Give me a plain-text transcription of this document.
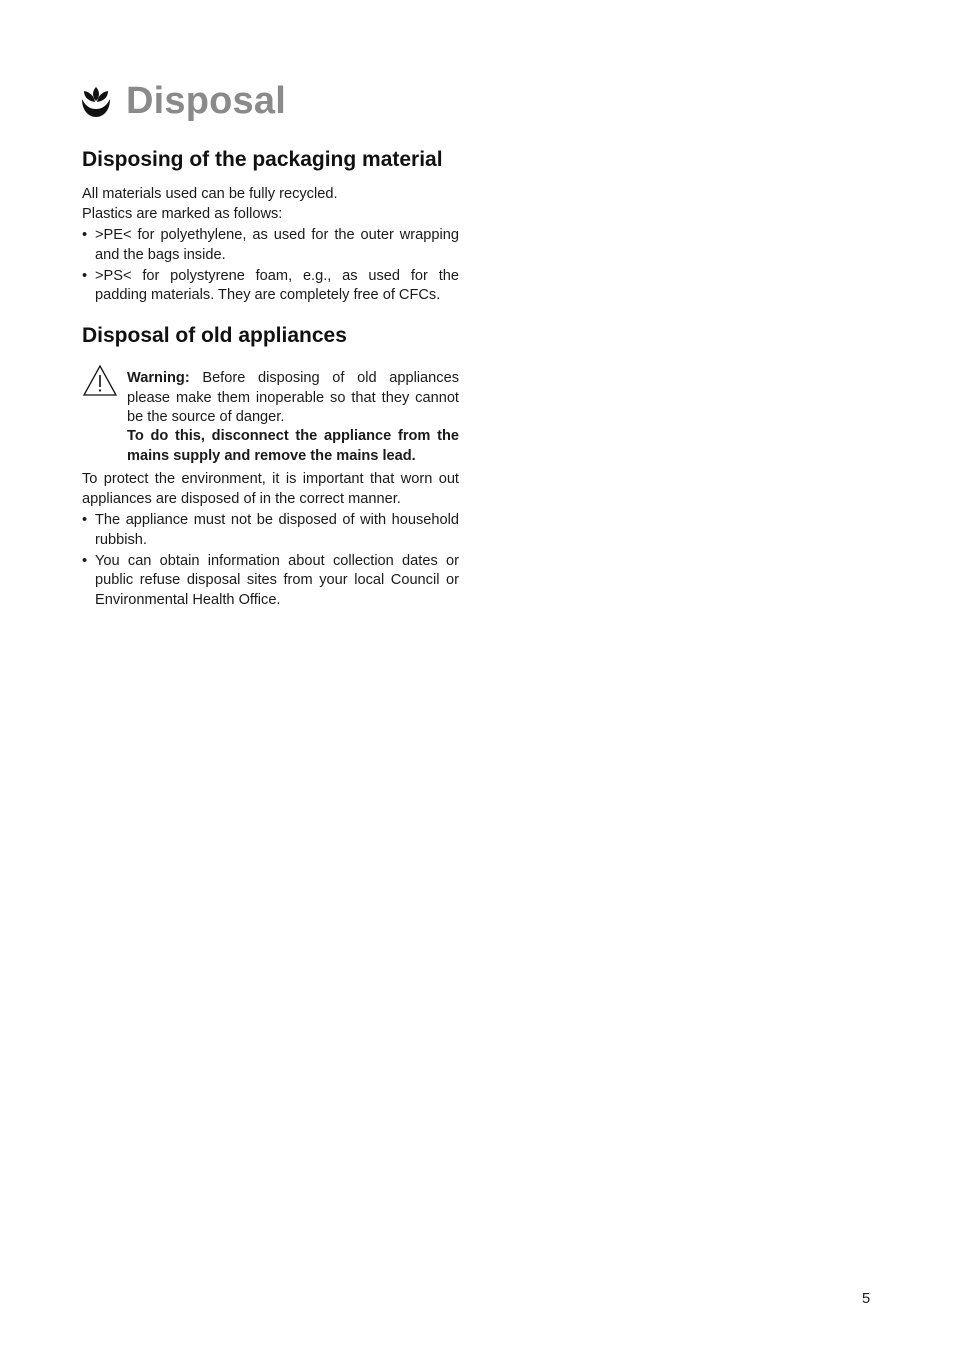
Disposal
Disposing of the packaging material

All materials used can be fully recycled.

Plastics are marked as follows:

• >PE< for polyethylene, as used for the outer wrapping and the bags inside.
• >PS< for polystyrene foam, e.g., as used for the padding materials. They are completely free of CFCs.
Disposal of old appliances

Warning: Before disposing of old appliances please make them inoperable so that they cannot be the source of danger.

To do this, disconnect the appliance from the mains supply and remove the mains lead.

To protect the environment, it is important that worn out appliances are disposed of in the correct manner.

• The appliance must not be disposed of with household rubbish.
• You can obtain information about collection dates or public refuse disposal sites from your local Council or Environmental Health Office.
5
